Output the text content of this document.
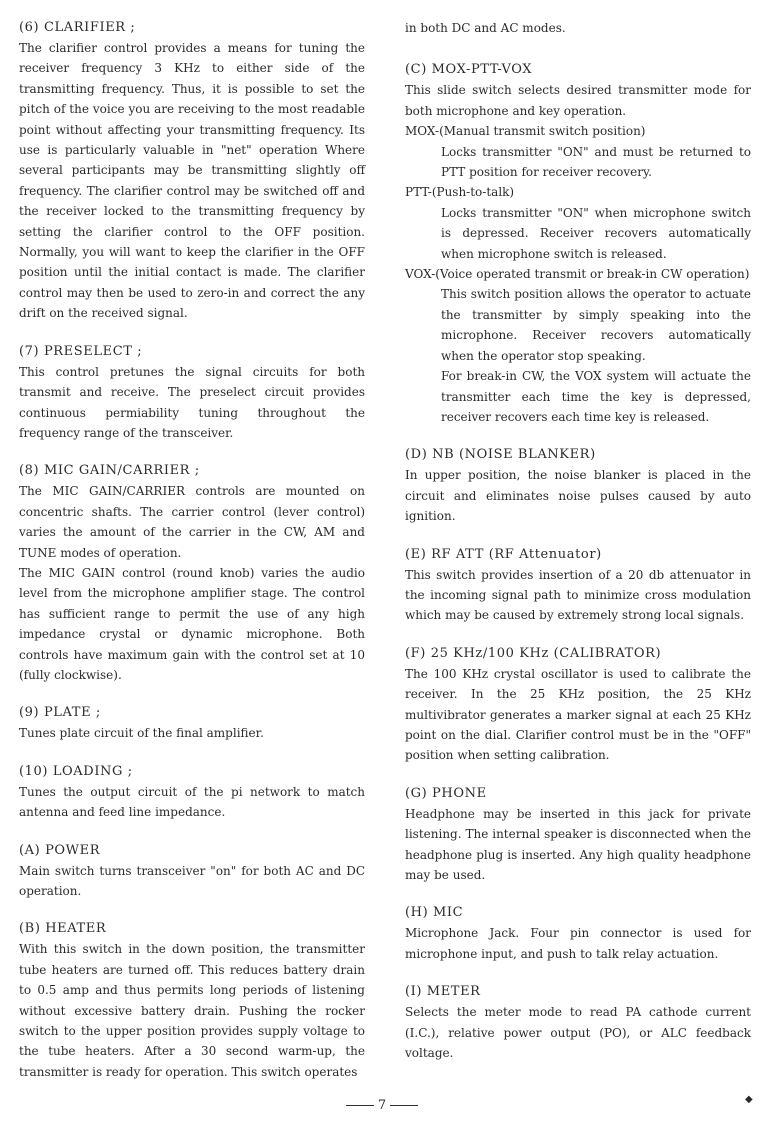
(6) CLARIFIER ;
The clarifier control provides a means for tuning the receiver frequency 3 KHz to either side of the transmitting frequency. Thus, it is possible to set the pitch of the voice you are receiving to the most readable point without affecting your transmitting frequency. Its use is particularly valuable in "net" operation Where several participants may be transmitting slightly off frequency. The clarifier control may be switched off and the receiver locked to the transmitting frequency by setting the clarifier control to the OFF position. Normally, you will want to keep the clarifier in the OFF position until the initial contact is made. The clarifier control may then be used to zero-in and correct the any drift on the received signal.
(7) PRESELECT ;
This control pretunes the signal circuits for both transmit and receive. The preselect circuit provides continuous permiability tuning throughout the frequency range of the transceiver.
(8) MIC GAIN/CARRIER ;
The MIC GAIN/CARRIER controls are mounted on concentric shafts. The carrier control (lever control) varies the amount of the carrier in the CW, AM and TUNE modes of operation.
The MIC GAIN control (round knob) varies the audio level from the microphone amplifier stage. The control has sufficient range to permit the use of any high impedance crystal or dynamic microphone. Both controls have maximum gain with the control set at 10 (fully clockwise).
(9) PLATE ;
Tunes plate circuit of the final amplifier.
(10) LOADING ;
Tunes the output circuit of the pi network to match antenna and feed line impedance.
(A) POWER
Main switch turns transceiver "on" for both AC and DC operation.
(B) HEATER
With this switch in the down position, the transmitter tube heaters are turned off. This reduces battery drain to 0.5 amp and thus permits long periods of listening without excessive battery drain. Pushing the rocker switch to the upper position provides supply voltage to the tube heaters. After a 30 second warm-up, the transmitter is ready for operation. This switch operates
in both DC and AC modes.
(C) MOX-PTT-VOX
This slide switch selects desired transmitter mode for both microphone and key operation.
MOX-(Manual transmit switch position)
Locks transmitter "ON" and must be returned to PTT position for receiver recovery.
PTT-(Push-to-talk)
Locks transmitter "ON" when microphone switch is depressed. Receiver recovers automatically when microphone switch is released.
VOX-(Voice operated transmit or break-in CW operation)
This switch position allows the operator to actuate the transmitter by simply speaking into the microphone. Receiver recovers automatically when the operator stop speaking.
For break-in CW, the VOX system will actuate the transmitter each time the key is depressed, receiver recovers each time key is released.
(D) NB (NOISE BLANKER)
In upper position, the noise blanker is placed in the circuit and eliminates noise pulses caused by auto ignition.
(E) RF ATT (RF Attenuator)
This switch provides insertion of a 20 db attenuator in the incoming signal path to minimize cross modulation which may be caused by extremely strong local signals.
(F) 25 KHz/100 KHz (CALIBRATOR)
The 100 KHz crystal oscillator is used to calibrate the receiver. In the 25 KHz position, the 25 KHz multivibrator generates a marker signal at each 25 KHz point on the dial. Clarifier control must be in the "OFF" position when setting calibration.
(G) PHONE
Headphone may be inserted in this jack for private listening. The internal speaker is disconnected when the headphone plug is inserted. Any high quality headphone may be used.
(H) MIC
Microphone Jack. Four pin connector is used for microphone input, and push to talk relay actuation.
(I) METER
Selects the meter mode to read PA cathode current (I.C.), relative power output (PO), or ALC feedback voltage.
7	◆
